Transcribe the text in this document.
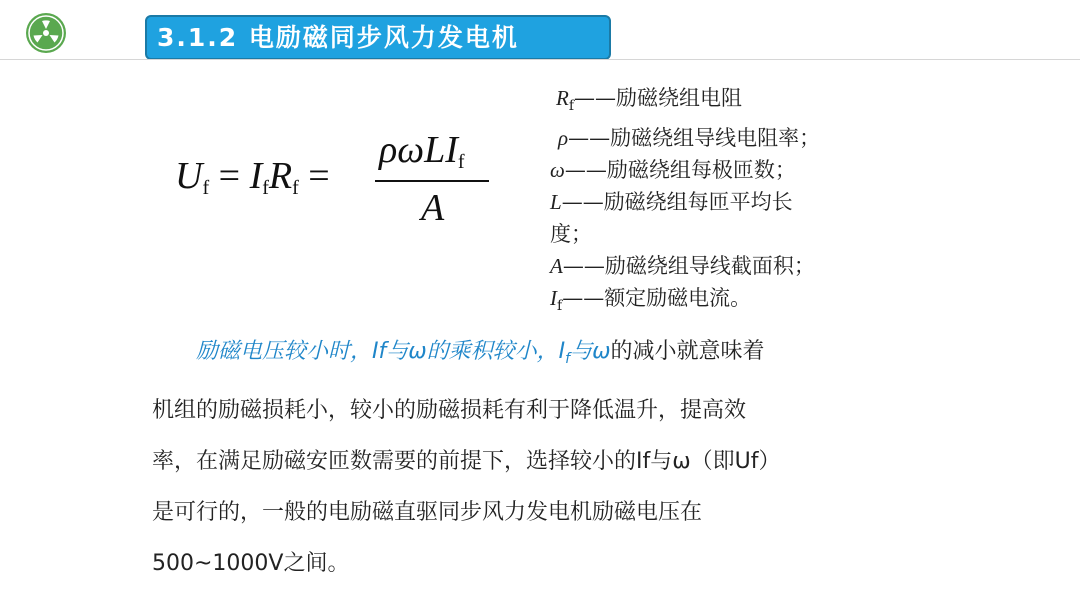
3.1.2 电励磁同步风力发电机
$U_f = I_fR_f$ =
ρωLI$_f$
A
$R_f——$励磁绕组电阻
ρ——励磁绕组导线电阻率；
ω——励磁绕组每极匝数；
L——励磁绕组每匝平均长
度；
A——励磁绕组导线截面积；
$I_f——$额定励磁电流。
励磁电压较小时，If与ω的乘积较小，$I_f$与ω的减小就意味着
机组的励磁损耗小，较小的励磁损耗有利于降低温升，提高效
率，在满足励磁安匝数需要的前提下，选择较小的If与ω（即Uf）
是可行的，一般的电励磁直驱同步风力发电机励磁电压在
500~1000V之间。
